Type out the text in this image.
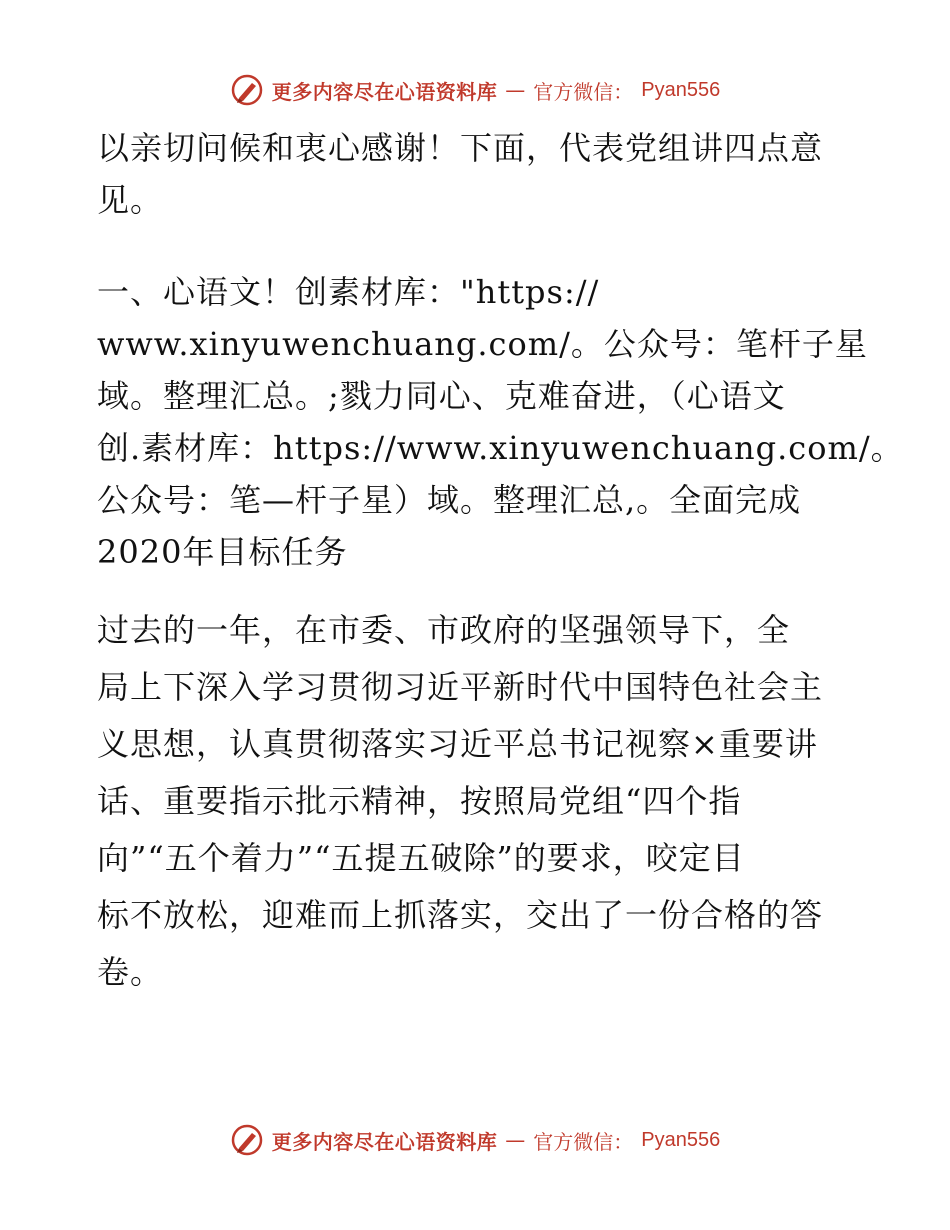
更多内容尽在心语资料库 — 官方微信： Pyan556

以亲切问候和衷心感谢！下面，代表党组讲四点意
见。

一、心语文！创素材库："https://
www.xinyuwenchuang.com/。公众号：笔杆子星
域。整理汇总。;戮力同心、克难奋进，（心语文
创.素材库：https://www.xinyuwenchuang.com/。
公众号：笔—杆子星）域。整理汇总,。全面完成
2020年目标任务

过去的一年，在市委、市政府的坚强领导下，全
局上下深入学习贯彻习近平新时代中国特色社会主
义思想，认真贯彻落实习近平总书记视察×重要讲
话、重要指示批示精神，按照局党组“四个指
向”“五个着力”“五提五破除”的要求，咬定目
标不放松，迎难而上抓落实，交出了一份合格的答
卷。

更多内容尽在心语资料库 — 官方微信： Pyan556
